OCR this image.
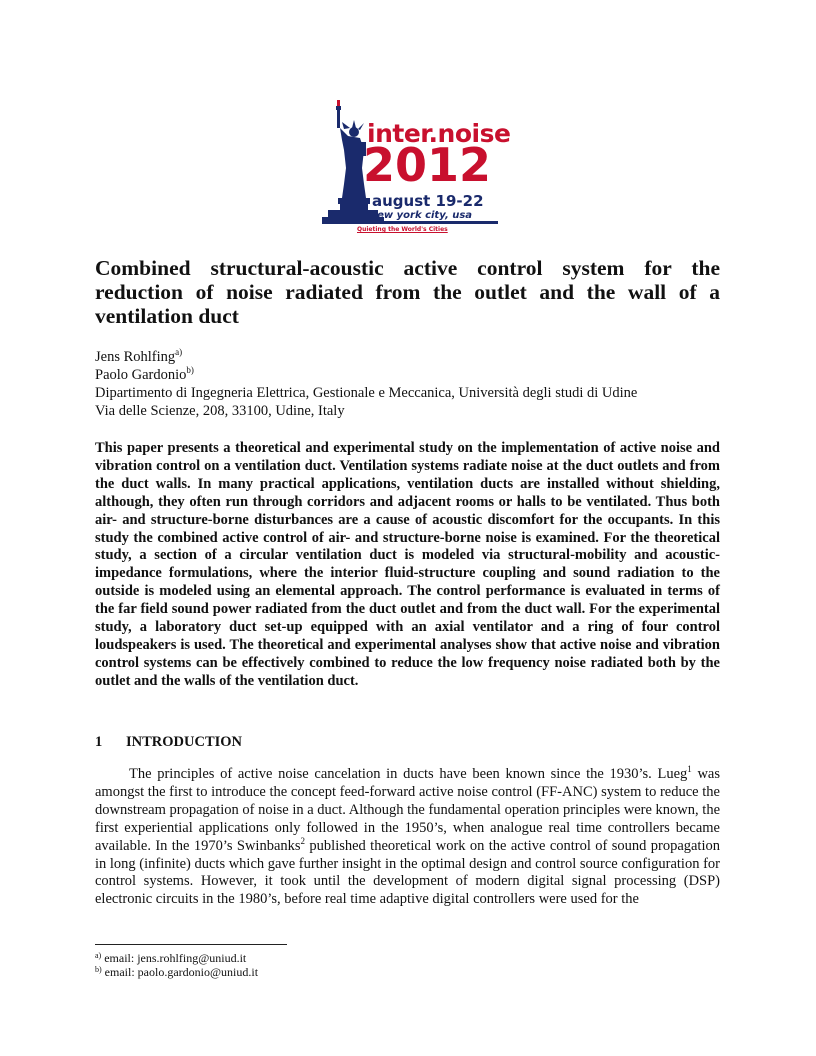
inter.noise
2012
august 19-22
new york city, usa
Quieting the World's Cities
Combined structural-acoustic active control system for the
reduction of noise radiated from the outlet and the wall of a
ventilation duct
Jens Rohlfing$^{a)}$
Paolo Gardonio$^{b)}$
Dipartimento di Ingegneria Elettrica, Gestionale e Meccanica, Università degli studi di Udine
Via delle Scienze, 208, 33100, Udine, Italy

This paper presents a theoretical and experimental study on the implementation of active noise and vibration control on a ventilation duct. Ventilation systems radiate noise at the duct outlets and from the duct walls. In many practical applications, ventilation ducts are installed without shielding, although, they often run through corridors and adjacent rooms or halls to be ventilated. Thus both air- and structure-borne disturbances are a cause of acoustic discomfort for the occupants. In this study the combined active control of air- and structure-borne noise is examined. For the theoretical study, a section of a circular ventilation duct is modeled via structural-mobility and acoustic-impedance formulations, where the interior fluid-structure coupling and sound radiation to the outside is modeled using an elemental approach. The control performance is evaluated in terms of the far field sound power radiated from the duct outlet and from the duct wall. For the experimental study, a laboratory duct set-up equipped with an axial ventilator and a ring of four control loudspeakers is used. The theoretical and experimental analyses show that active noise and vibration control systems can be effectively combined to reduce the low frequency noise radiated both by the outlet and the walls of the ventilation duct.

1 INTRODUCTION

The principles of active noise cancelation in ducts have been known since the 1930’s. Lueg$^1$ was amongst the first to introduce the concept feed-forward active noise control (FF-ANC) system to reduce the downstream propagation of noise in a duct. Although the fundamental operation principles were known, the first experiential applications only followed in the 1950’s, when analogue real time controllers became available. In the 1970’s Swinbanks$^2$ published theoretical work on the active control of sound propagation in long (infinite) ducts which gave further insight in the optimal design and control source configuration for control systems. However, it took until the development of modern digital signal processing (DSP) electronic circuits in the 1980’s, before real time adaptive digital controllers were used for the

$^{a)}$ email: jens.rohlfing@uniud.it
$^{b)}$ email: paolo.gardonio@uniud.it
